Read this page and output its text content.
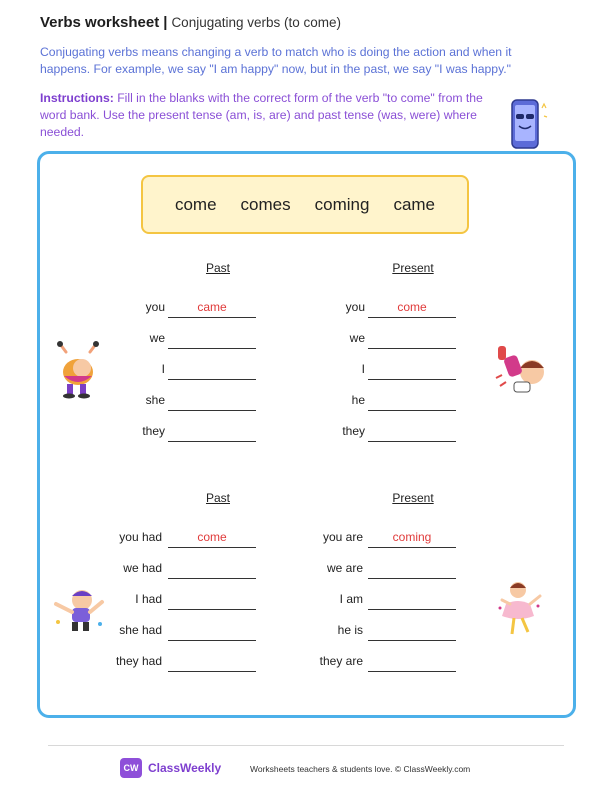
Verbs worksheet | Conjugating verbs (to come)

Conjugating verbs means changing a verb to match who is doing the action and when it happens. For example, we say "I am happy" now, but in the past, we say "I was happy."

Instructions: Fill in the blanks with the correct form of the verb "to come" from the word bank. Use the present tense (am, is, are) and past tense (was, were) where needed.

come comes coming came
Past	Present
you	came
we
I
she
they
you	come
we
I
he
they
Past	Present
you had	come
we had
I had
she had
they had
you are	coming
we are
I am
he is
they are
CW ClassWeekly	Worksheets teachers & students love. © ClassWeekly.com
